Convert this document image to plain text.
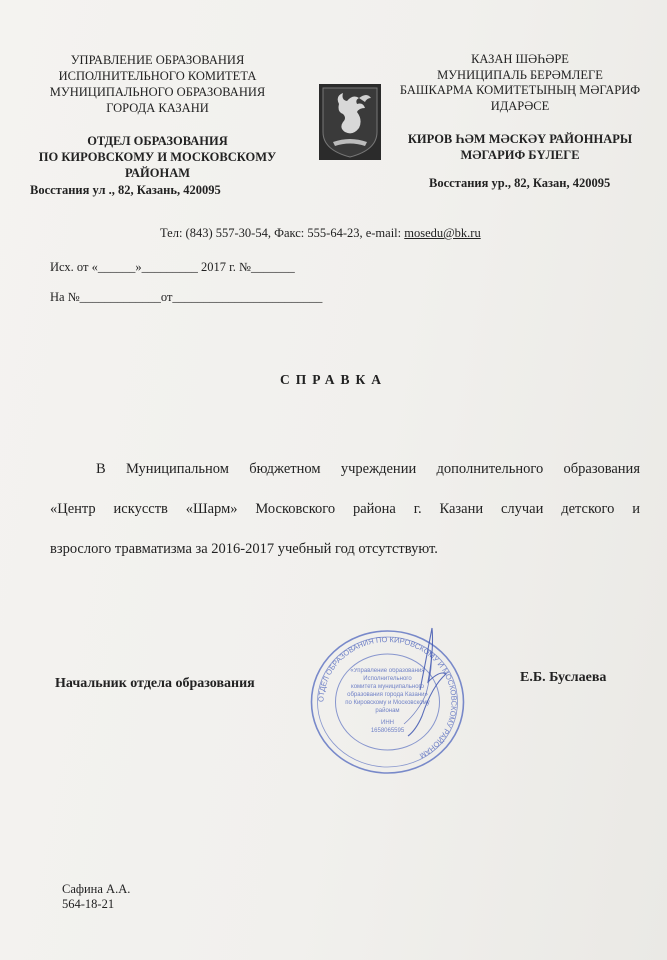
УПРАВЛЕНИЕ ОБРАЗОВАНИЯ
ИСПОЛНИТЕЛЬНОГО КОМИТЕТА
МУНИЦИПАЛЬНОГО ОБРАЗОВАНИЯ
ГОРОДА КАЗАНИ
ОТДЕЛ ОБРАЗОВАНИЯ
ПО КИРОВСКОМУ И МОСКОВСКОМУ
РАЙОНАМ
Восстания ул ., 82, Казань, 420095
КАЗАН ШӘҺӘРЕ
МУНИЦИПАЛЬ БЕРӘМЛЕГЕ
БАШКАРМА КОМИТЕТЫНЫҢ МӘГАРИФ
ИДАРӘСЕ
КИРОВ ҺӘМ МӘСКӘҮ РАЙОННАРЫ
МӘГАРИФ БҮЛЕГЕ
Восстания ур., 82, Казан, 420095
Тел: (843) 557-30-54, Факс: 555-64-23, e-mail: mosedu@bk.ru
Исх. от «______»_________ 2017 г. №_______
На №_____________от________________________
СПРАВКА
В Муниципальном бюджетном учреждении дополнительного образования
«Центр искусств «Шарм» Московского района г. Казани случаи детского и
взрослого травматизма за 2016-2017 учебный год отсутствуют.
ОТДЕЛ ОБРАЗОВАНИЯ ПО КИРОВСКОМУ И МОСКОВСКОМУ РАЙОНАМ
«Управление образования
Исполнительного
комитета муниципального
образования города Казани»
по Кировскому и Московскому
районам
ИНН
1658065595
Начальник отдела образования	Е.Б. Буслаева
Сафина А.А.
564-18-21
